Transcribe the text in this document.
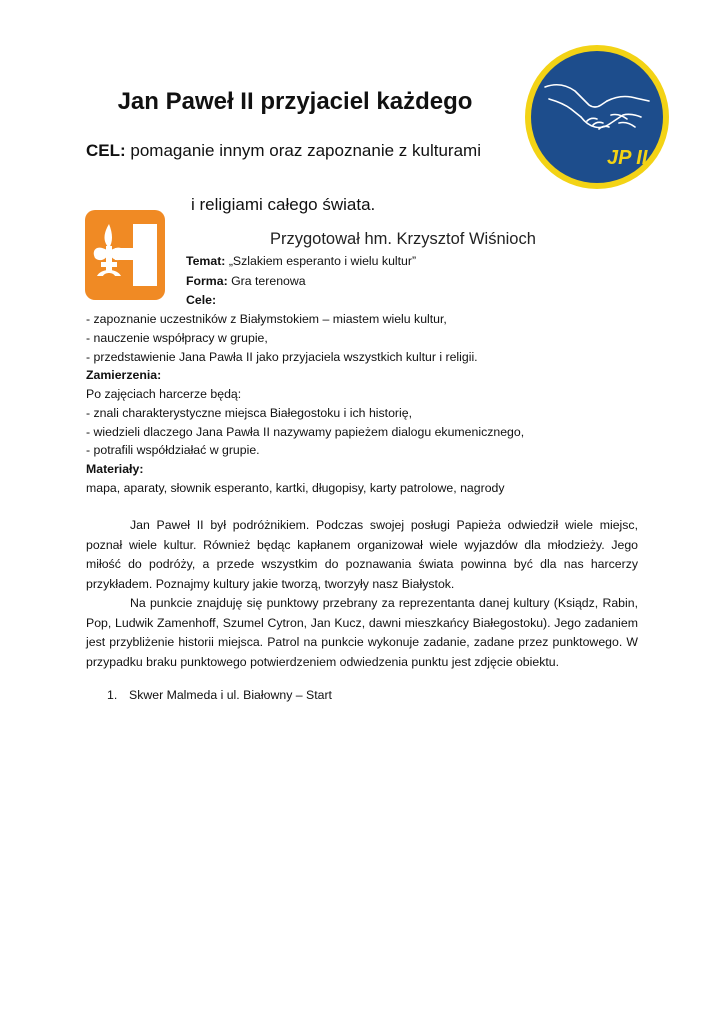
Jan Paweł II przyjaciel każdego
CEL: pomaganie innym oraz zapoznanie z kulturami
i religiami całego świata.
Przygotował hm. Krzysztof Wiśnioch
JP II
Temat: „Szlakiem esperanto i wielu kultur”
Forma: Gra terenowa
Cele:
- zapoznanie uczestników z Białymstokiem – miastem wielu kultur,
- nauczenie współpracy w grupie,
- przedstawienie Jana Pawła II jako przyjaciela wszystkich kultur i religii.
Zamierzenia:
Po zajęciach harcerze będą:
- znali charakterystyczne miejsca Białegostoku i ich historię,
- wiedzieli dlaczego Jana Pawła II nazywamy papieżem dialogu ekumenicznego,
- potrafili współdziałać w grupie.
Materiały:
mapa, aparaty, słownik esperanto, kartki, długopisy, karty patrolowe, nagrody

Jan Paweł II był podróżnikiem. Podczas swojej posługi Papieża odwiedził wiele miejsc, poznał wiele kultur. Również będąc kapłanem organizował wiele wyjazdów dla młodzieży. Jego miłość do podróży, a przede wszystkim do poznawania świata powinna być dla nas harcerzy przykładem. Poznajmy kultury jakie tworzą, tworzyły nasz Białystok.

Na punkcie znajduję się punktowy przebrany za reprezentanta danej kultury (Ksiądz, Rabin, Pop, Ludwik Zamenhoff, Szumel Cytron, Jan Kucz, dawni mieszkańcy Białegostoku). Jego zadaniem jest przybliżenie historii miejsca. Patrol na punkcie wykonuje zadanie, zadane przez punktowego. W przypadku braku punktowego potwierdzeniem odwiedzenia punktu jest zdjęcie obiektu.

1. Skwer Malmeda i ul. Białowny – Start
